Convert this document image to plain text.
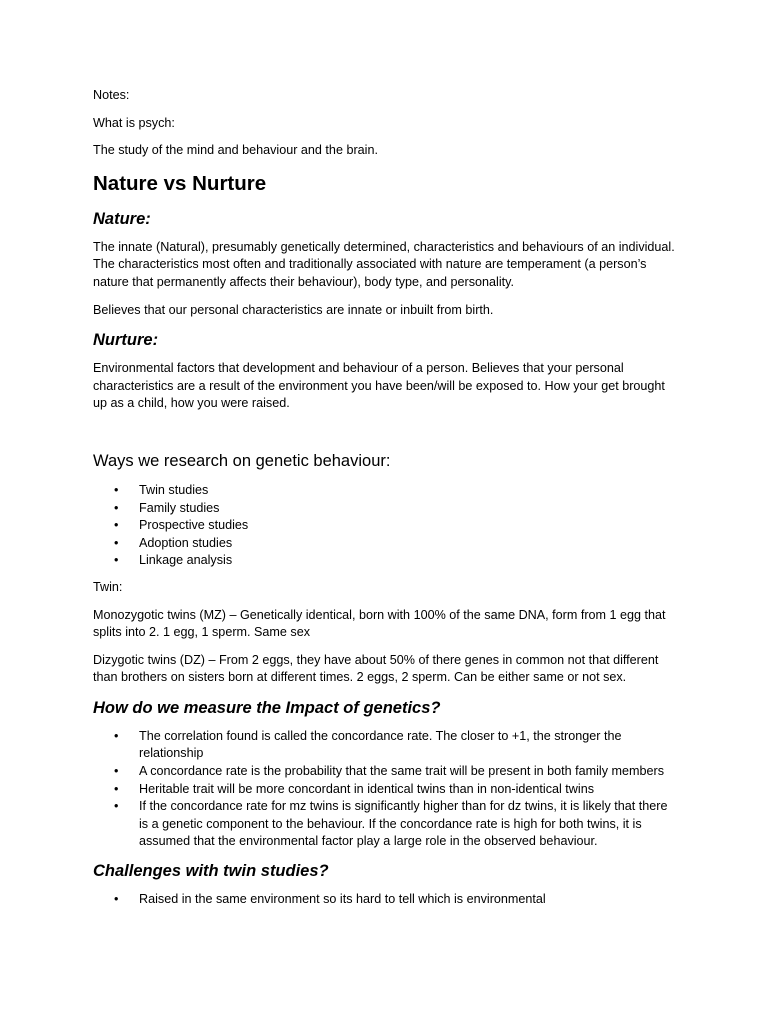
Notes:

What is psych:

The study of the mind and behaviour and the brain.

Nature vs Nurture
Nature:

The innate (Natural), presumably genetically determined, characteristics and behaviours of an individual. The characteristics most often and traditionally associated with nature are temperament (a person’s nature that permanently affects their behaviour), body type, and personality.

Believes that our personal characteristics are innate or inbuilt from birth.

Nurture:

Environmental factors that development and behaviour of a person. Believes that your personal characteristics are a result of the environment you have been/will be exposed to. How your get brought up as a child, how you were raised.

Ways we research on genetic behaviour:
• Twin studies
• Family studies
• Prospective studies
• Adoption studies
• Linkage analysis

Twin:

Monozygotic twins (MZ) – Genetically identical, born with 100% of the same DNA, form from 1 egg that splits into 2. 1 egg, 1 sperm. Same sex

Dizygotic twins (DZ) – From 2 eggs, they have about 50% of there genes in common not that different than brothers on sisters born at different times. 2 eggs, 2 sperm. Can be either same or not sex.

How do we measure the Impact of genetics?
• The correlation found is called the concordance rate. The closer to +1, the stronger the relationship
• A concordance rate is the probability that the same trait will be present in both family members
• Heritable trait will be more concordant in identical twins than in non-identical twins
• If the concordance rate for mz twins is significantly higher than for dz twins, it is likely that there is a genetic component to the behaviour. If the concordance rate is high for both twins, it is assumed that the environmental factor play a large role in the observed behaviour.
Challenges with twin studies?
• Raised in the same environment so its hard to tell which is environmental
